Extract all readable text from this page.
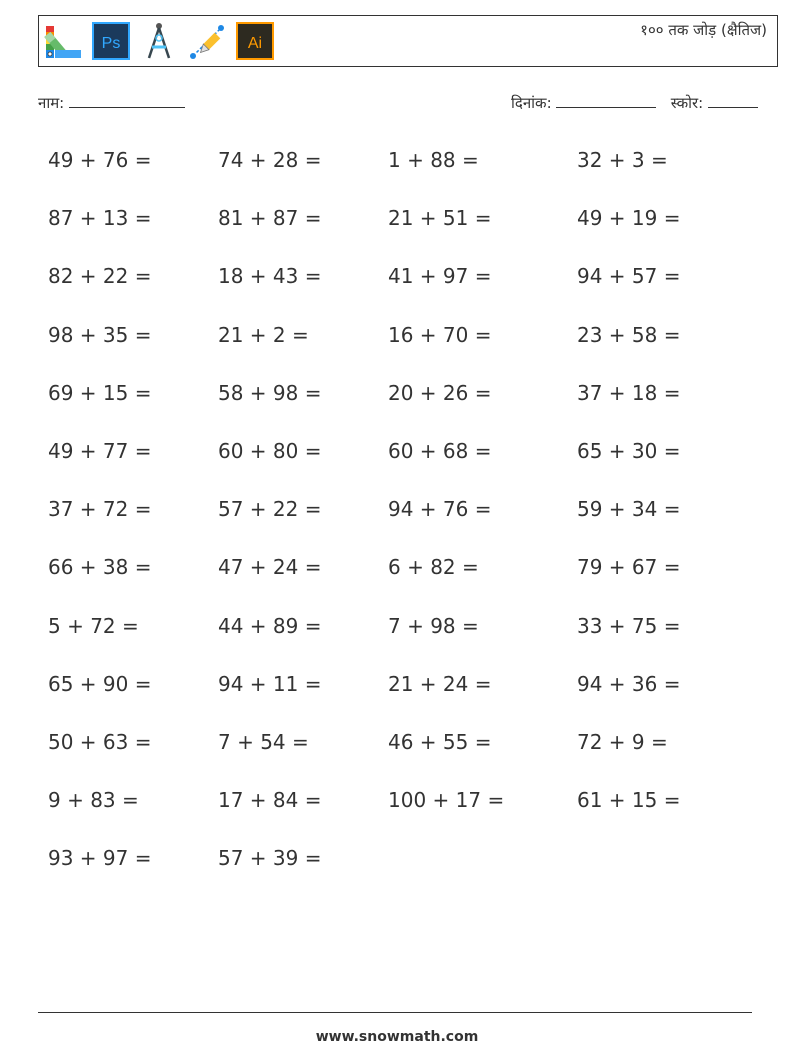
Ps	Ai
१०० तक जोड़ (क्षैतिज)
नाम:	दिनांक:	स्कोर:
49 + 76 =	74 + 28 =	1 + 88 =	32 + 3 =
87 + 13 =	81 + 87 =	21 + 51 =	49 + 19 =
82 + 22 =	18 + 43 =	41 + 97 =	94 + 57 =
98 + 35 =	21 + 2 =	16 + 70 =	23 + 58 =
69 + 15 =	58 + 98 =	20 + 26 =	37 + 18 =
49 + 77 =	60 + 80 =	60 + 68 =	65 + 30 =
37 + 72 =	57 + 22 =	94 + 76 =	59 + 34 =
66 + 38 =	47 + 24 =	6 + 82 =	79 + 67 =
5 + 72 =	44 + 89 =	7 + 98 =	33 + 75 =
65 + 90 =	94 + 11 =	21 + 24 =	94 + 36 =
50 + 63 =	7 + 54 =	46 + 55 =	72 + 9 =
9 + 83 =	17 + 84 =	100 + 17 =	61 + 15 =
93 + 97 =	57 + 39 =
www.snowmath.com
